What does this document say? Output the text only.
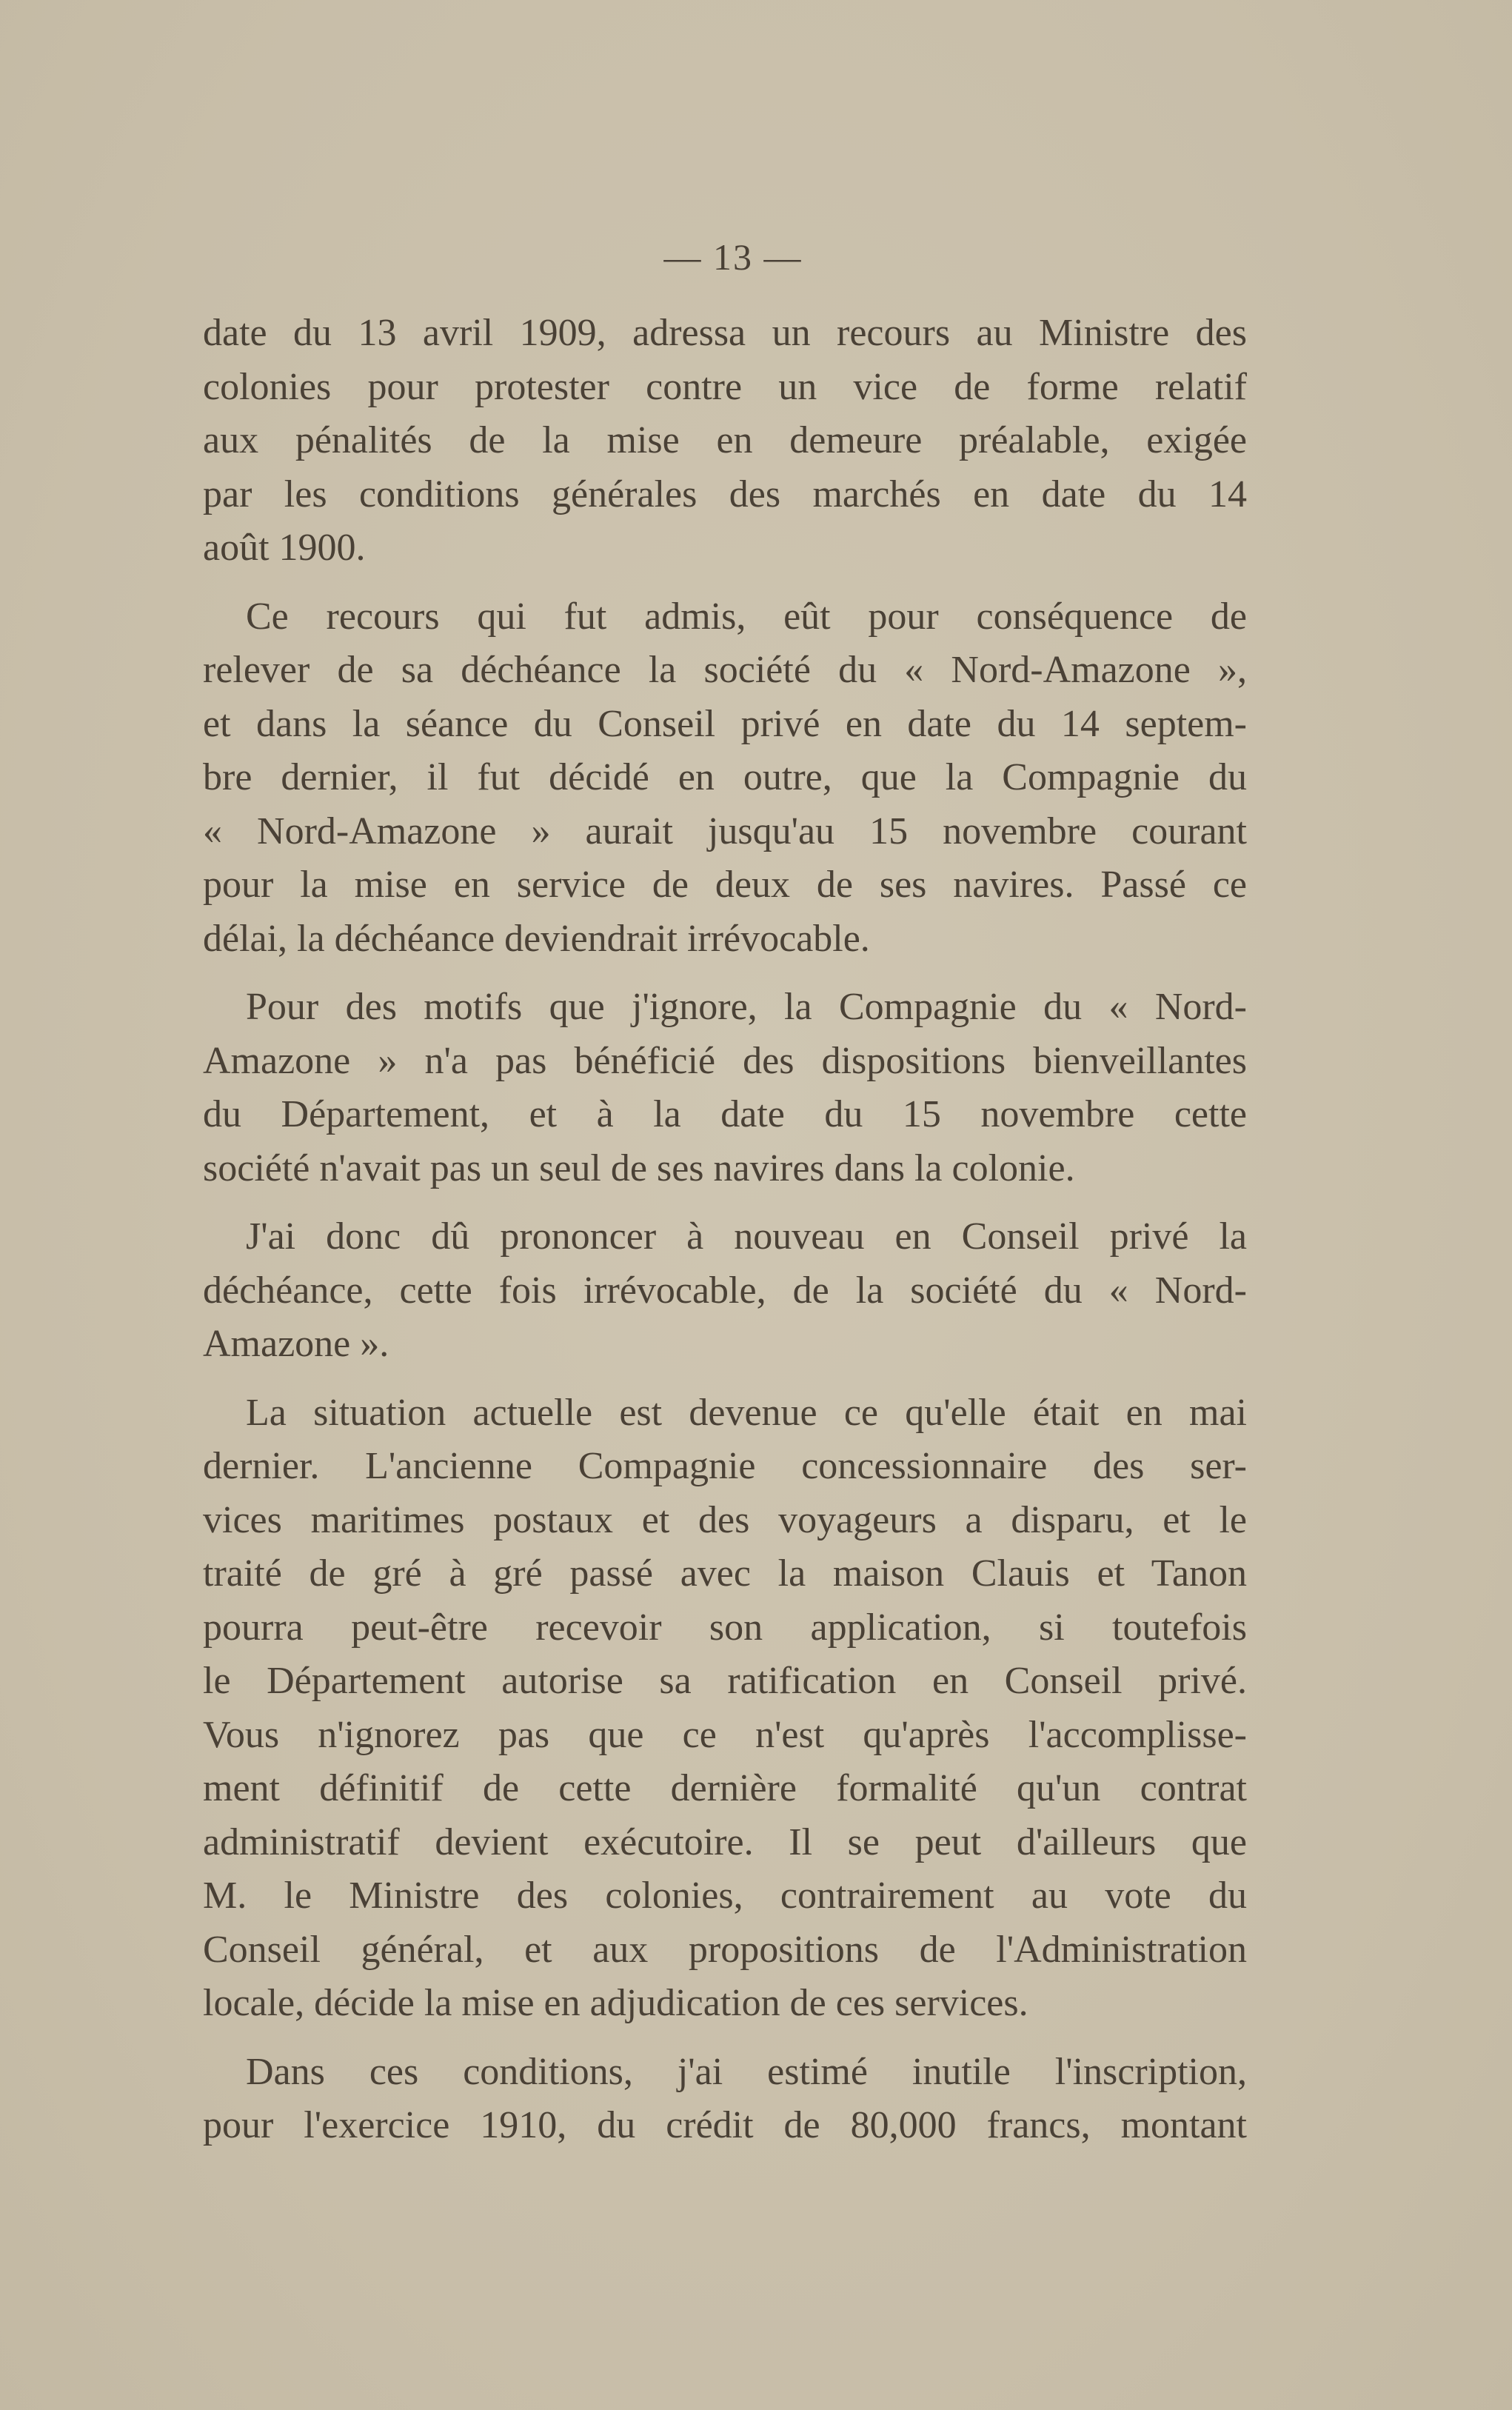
— 13 —
date du 13 avril 1909, adressa un recours au Ministre des
colonies pour protester contre un vice de forme relatif
aux pénalités de la mise en demeure préalable, exigée
par les conditions générales des marchés en date du 14
août 1900.
Ce recours qui fut admis, eût pour conséquence de
relever de sa déchéance la société du « Nord-Amazone »,
et dans la séance du Conseil privé en date du 14 septem-
bre dernier, il fut décidé en outre, que la Compagnie du
« Nord-Amazone » aurait jusqu'au 15 novembre courant
pour la mise en service de deux de ses navires. Passé ce
délai, la déchéance deviendrait irrévocable.
Pour des motifs que j'ignore, la Compagnie du « Nord-
Amazone » n'a pas bénéficié des dispositions bienveillantes
du Département, et à la date du 15 novembre cette
société n'avait pas un seul de ses navires dans la colonie.
J'ai donc dû prononcer à nouveau en Conseil privé la
déchéance, cette fois irrévocable, de la société du « Nord-
Amazone ».
La situation actuelle est devenue ce qu'elle était en mai
dernier. L'ancienne Compagnie concessionnaire des ser-
vices maritimes postaux et des voyageurs a disparu, et le
traité de gré à gré passé avec la maison Clauis et Tanon
pourra peut-être recevoir son application, si toutefois
le Département autorise sa ratification en Conseil privé.
Vous n'ignorez pas que ce n'est qu'après l'accomplisse-
ment définitif de cette dernière formalité qu'un contrat
administratif devient exécutoire. Il se peut d'ailleurs que
M. le Ministre des colonies, contrairement au vote du
Conseil général, et aux propositions de l'Administration
locale, décide la mise en adjudication de ces services.
Dans ces conditions, j'ai estimé inutile l'inscription,
pour l'exercice 1910, du crédit de 80,000 francs, montant
